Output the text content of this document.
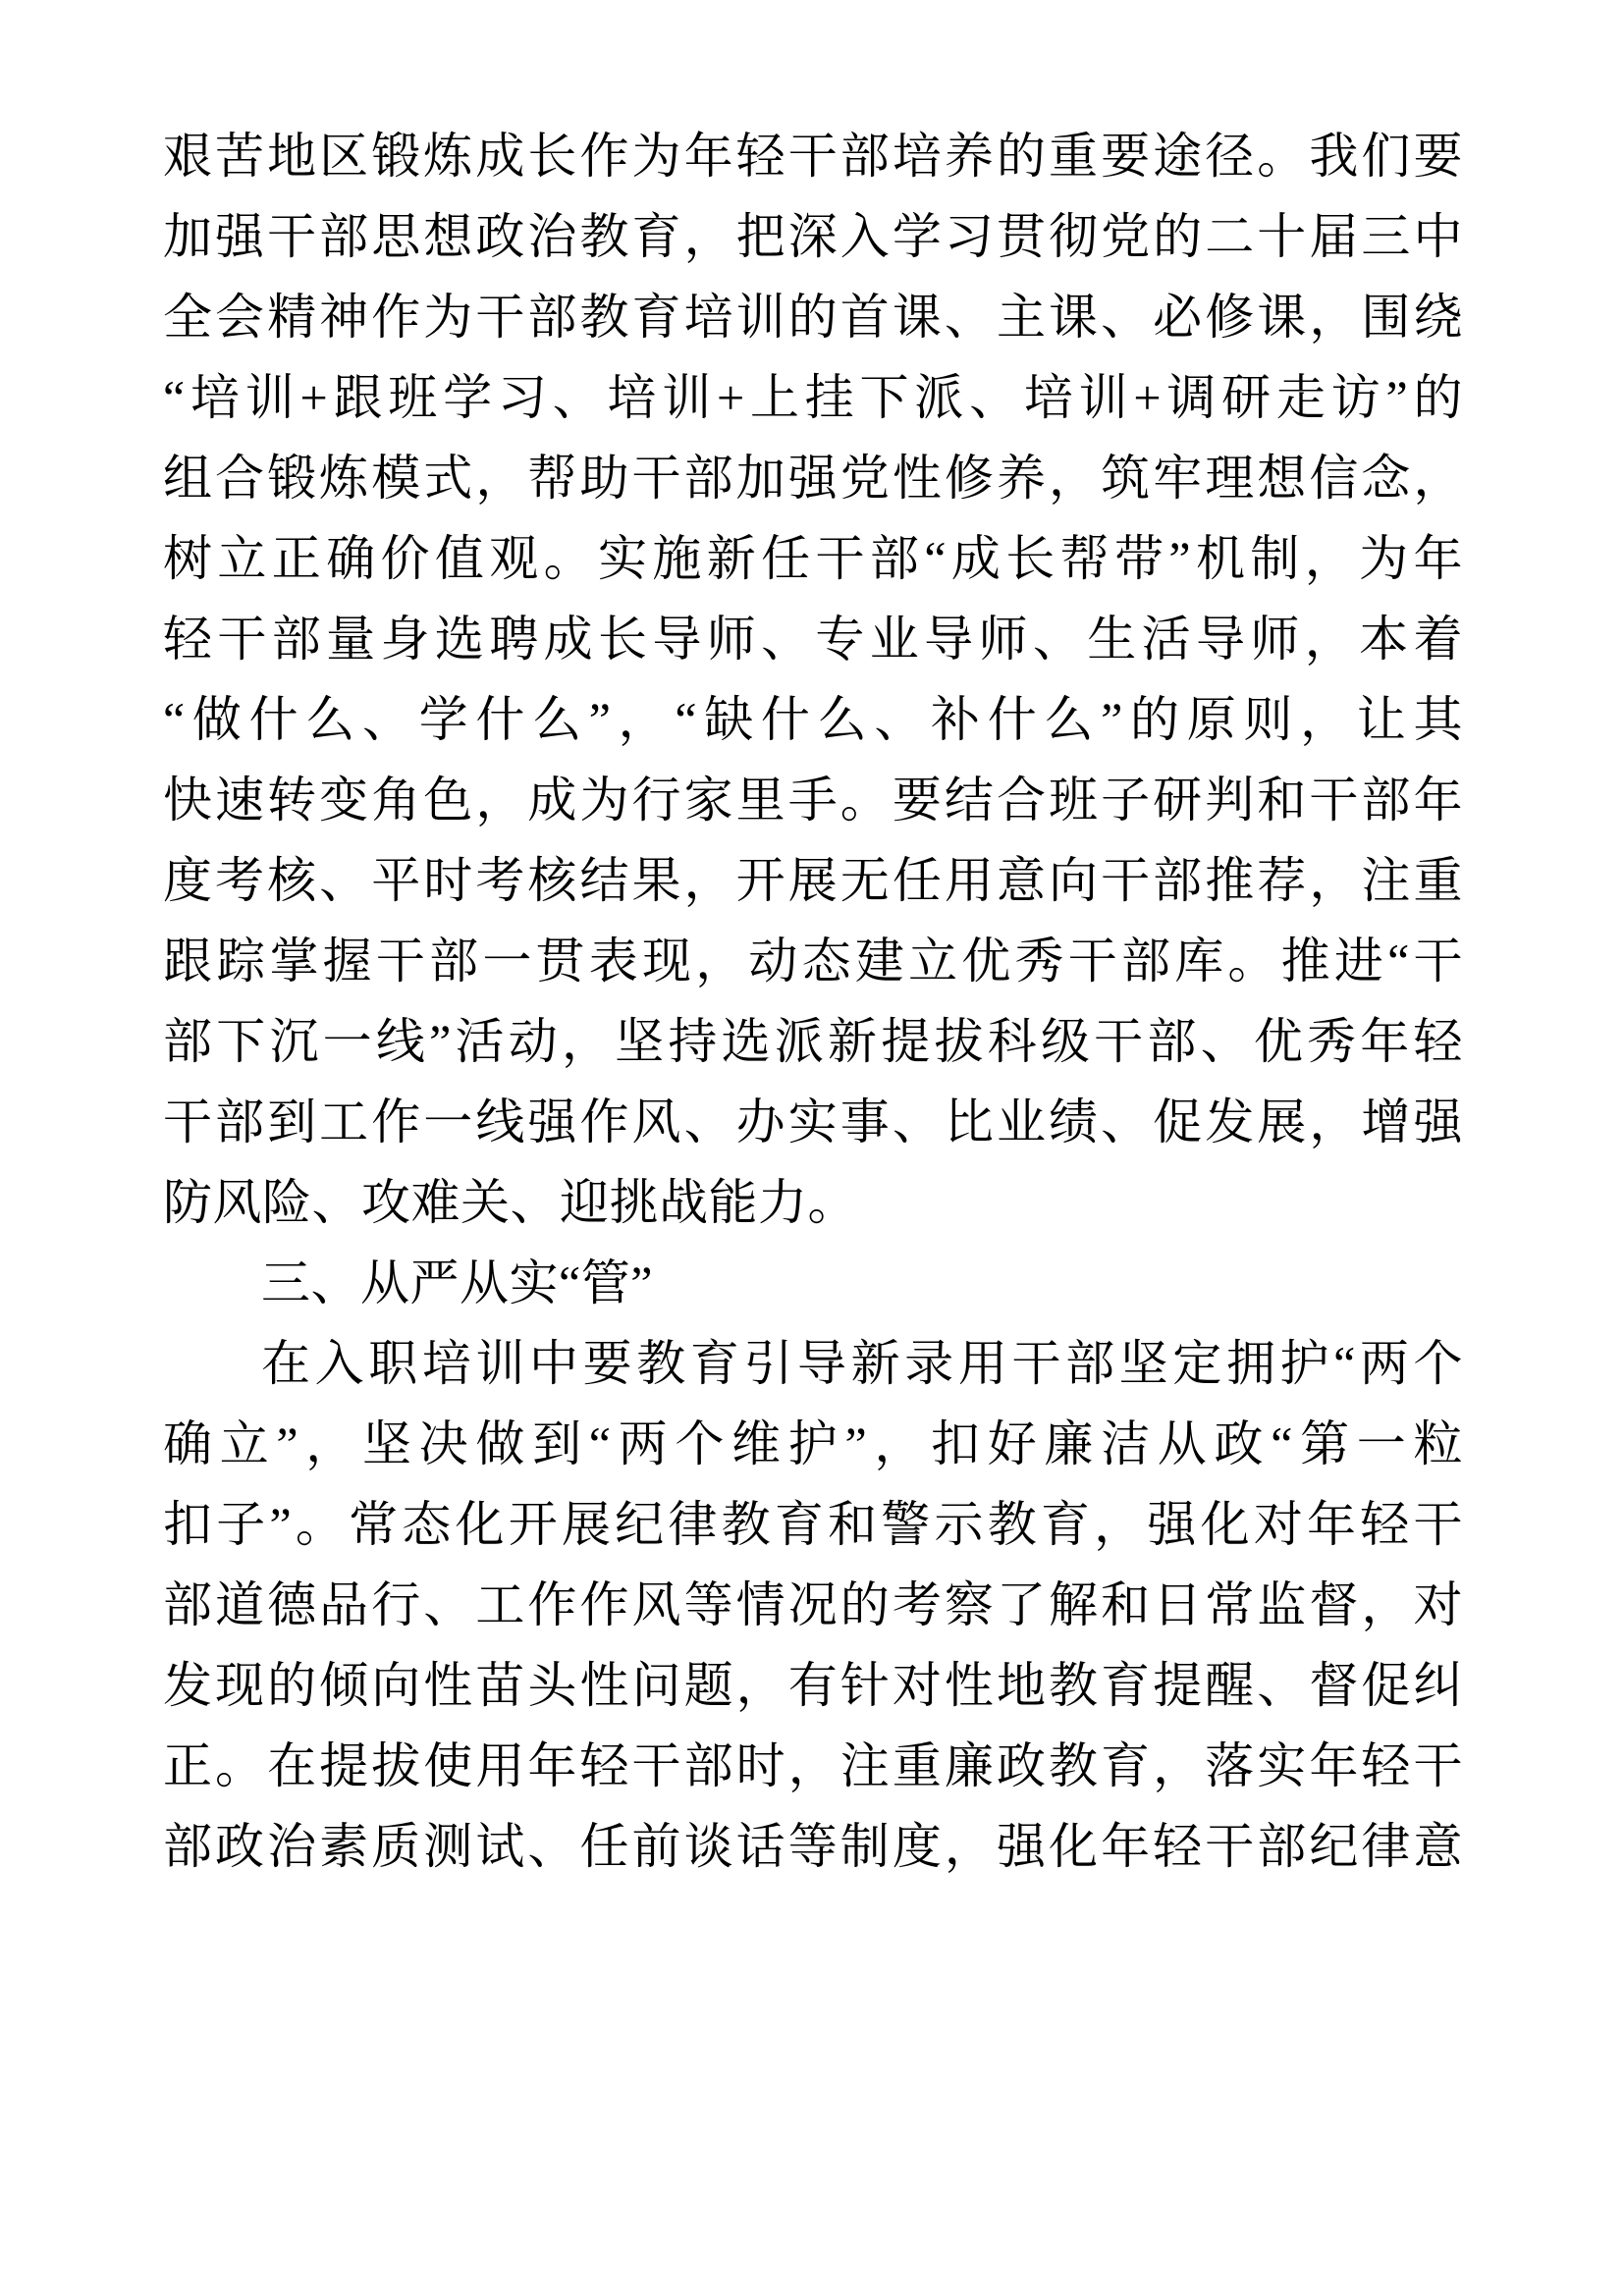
艰苦地区锻炼成长作为年轻干部培养的重要途径。我们要
加强干部思想政治教育，把深入学习贯彻党的二十届三中
全会精神作为干部教育培训的首课、主课、必修课，围绕
“培训+跟班学习、培训+上挂下派、培训+调研走访”的
组合锻炼模式，帮助干部加强党性修养，筑牢理想信念，
树立正确价值观。实施新任干部“成长帮带”机制，为年
轻干部量身选聘成长导师、专业导师、生活导师，本着
“做什么、学什么”，“缺什么、补什么”的原则，让其
快速转变角色，成为行家里手。要结合班子研判和干部年
度考核、平时考核结果，开展无任用意向干部推荐，注重
跟踪掌握干部一贯表现，动态建立优秀干部库。推进“干
部下沉一线”活动，坚持选派新提拔科级干部、优秀年轻
干部到工作一线强作风、办实事、比业绩、促发展，增强
防风险、攻难关、迎挑战能力。
三、从严从实“管”
在入职培训中要教育引导新录用干部坚定拥护“两个
确立”，坚决做到“两个维护”，扣好廉洁从政“第一粒
扣子”。常态化开展纪律教育和警示教育，强化对年轻干
部道德品行、工作作风等情况的考察了解和日常监督，对
发现的倾向性苗头性问题，有针对性地教育提醒、督促纠
正。在提拔使用年轻干部时，注重廉政教育，落实年轻干
部政治素质测试、任前谈话等制度，强化年轻干部纪律意
